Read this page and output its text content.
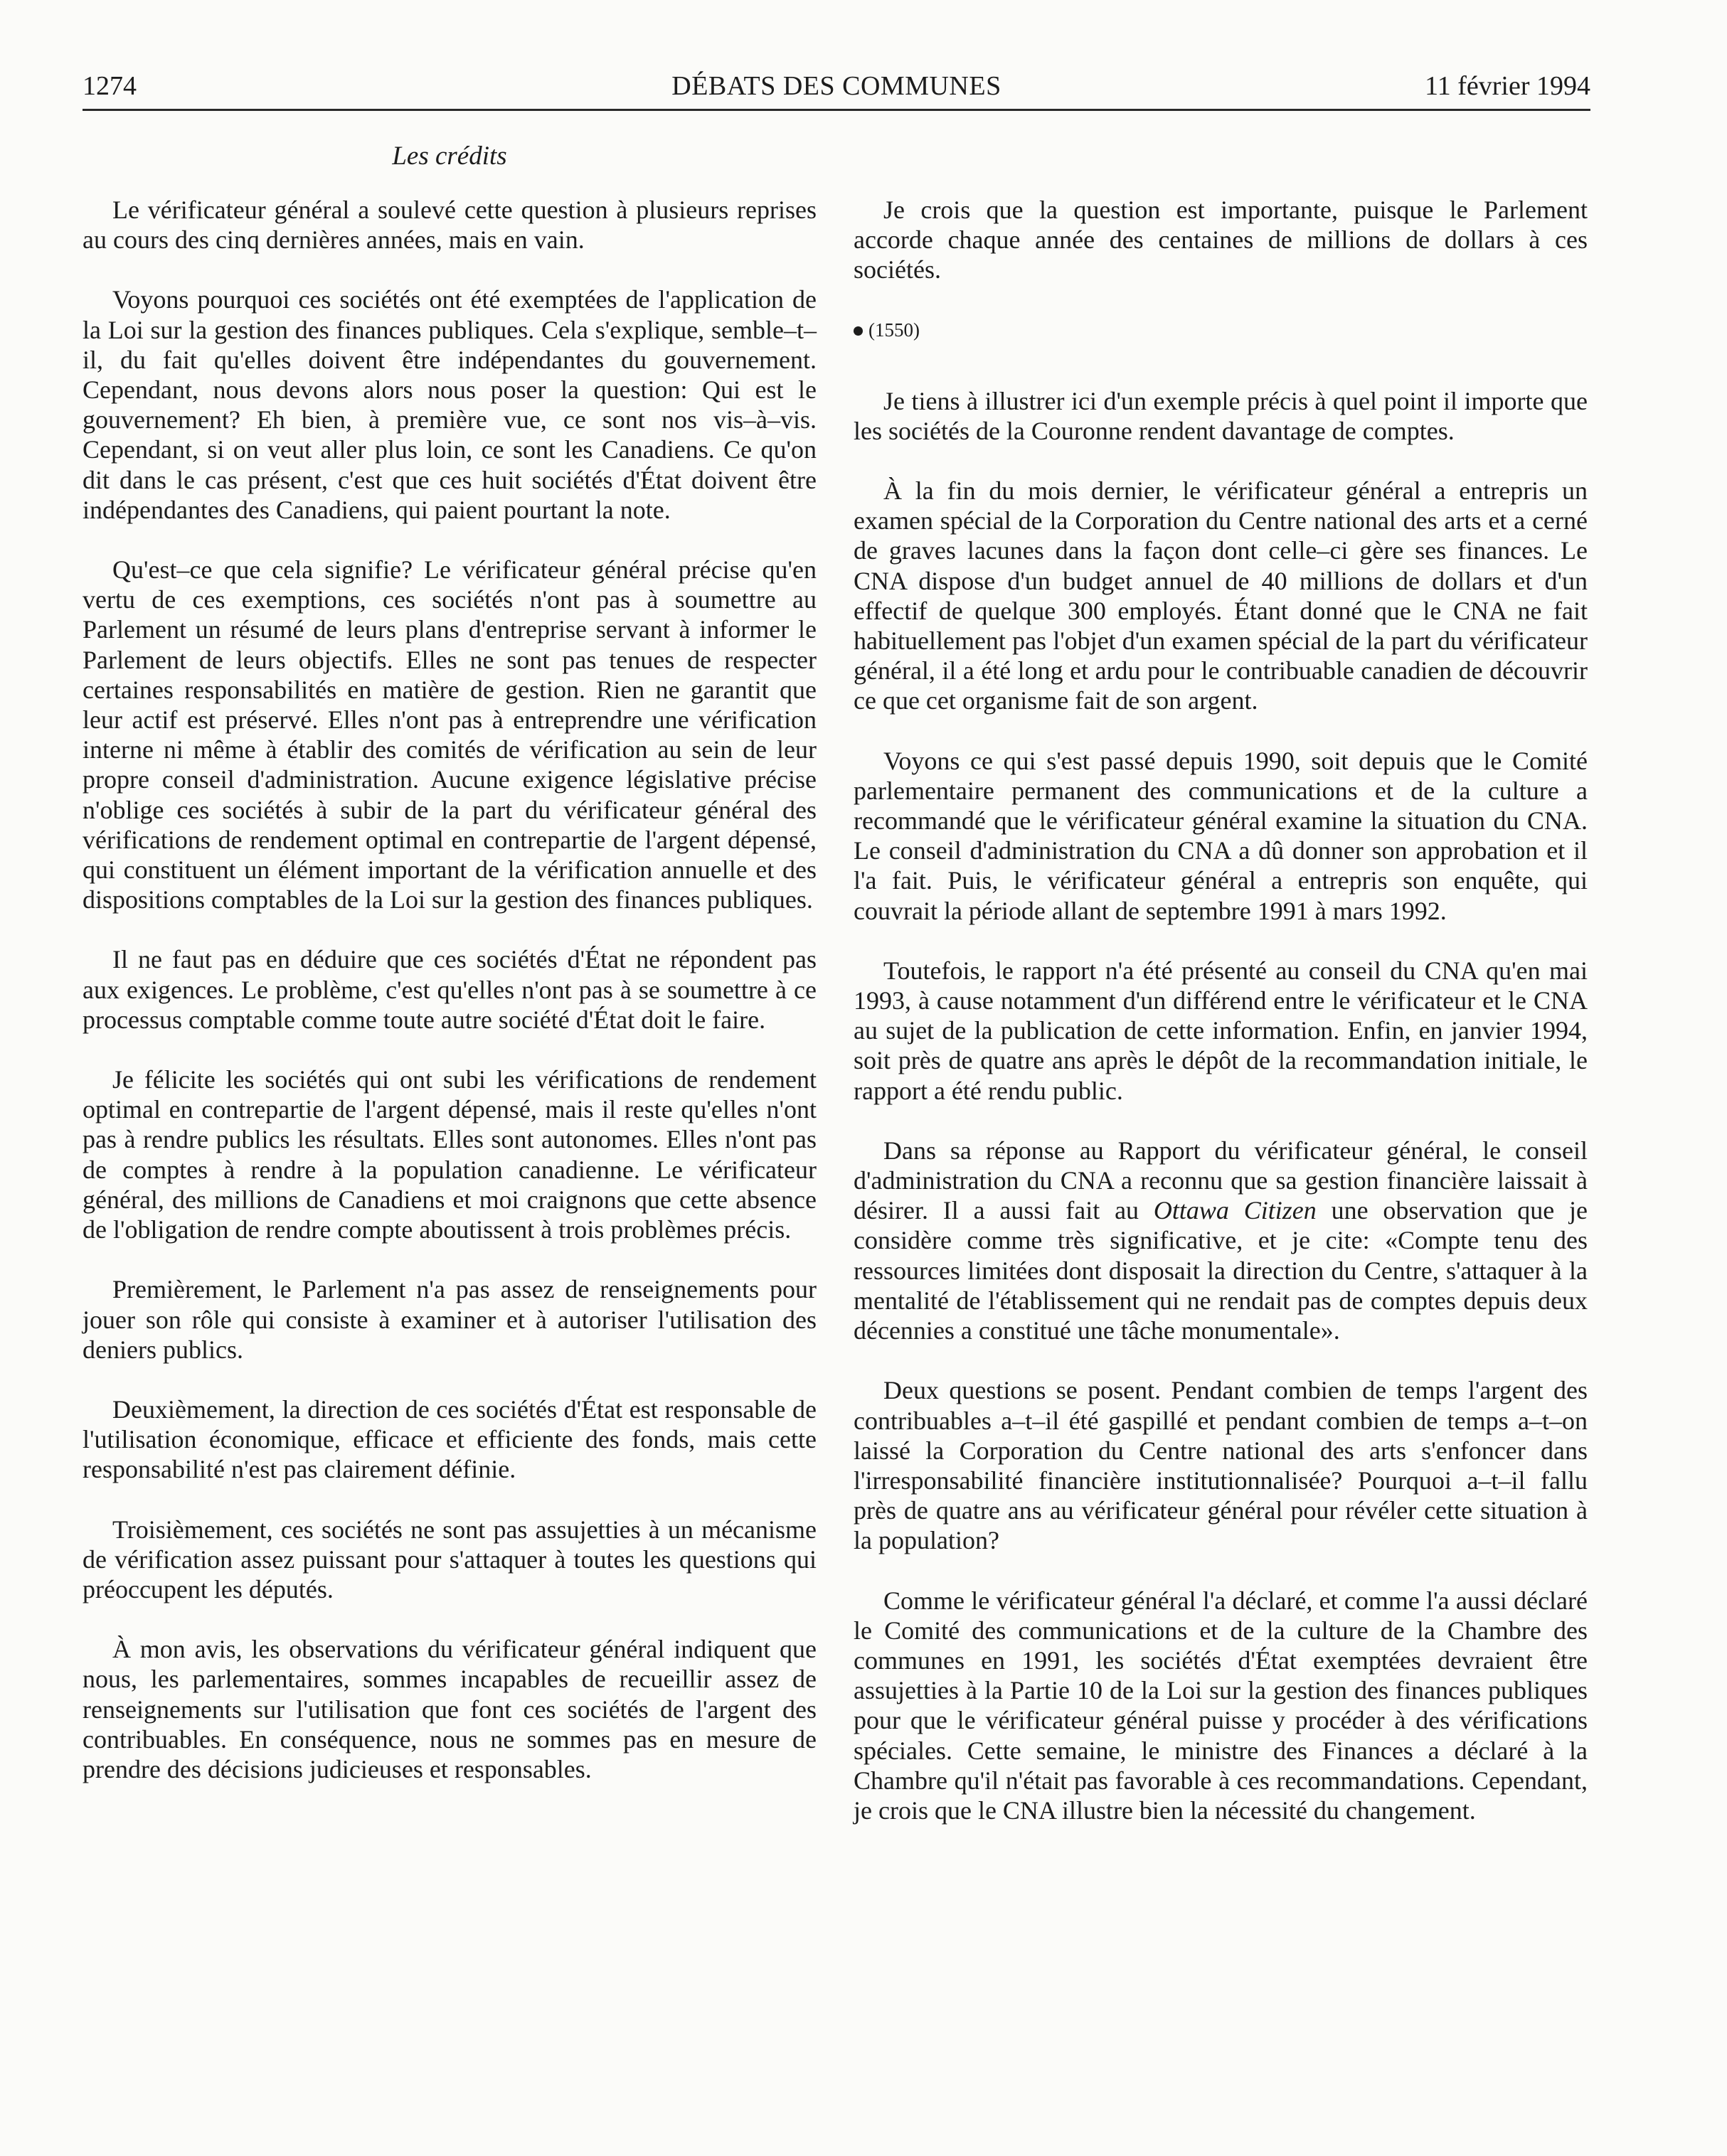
1274	DÉBATS DES COMMUNES	11 février 1994
Les crédits

Le vérificateur général a soulevé cette question à plusieurs reprises au cours des cinq dernières années, mais en vain.

Voyons pourquoi ces sociétés ont été exemptées de l'application de la Loi sur la gestion des finances publiques. Cela s'explique, semble–t–il, du fait qu'elles doivent être indépendantes du gouvernement. Cependant, nous devons alors nous poser la question: Qui est le gouvernement? Eh bien, à première vue, ce sont nos vis–à–vis. Cependant, si on veut aller plus loin, ce sont les Canadiens. Ce qu'on dit dans le cas présent, c'est que ces huit sociétés d'État doivent être indépendantes des Canadiens, qui paient pourtant la note.

Qu'est–ce que cela signifie? Le vérificateur général précise qu'en vertu de ces exemptions, ces sociétés n'ont pas à soumettre au Parlement un résumé de leurs plans d'entreprise servant à informer le Parlement de leurs objectifs. Elles ne sont pas tenues de respecter certaines responsabilités en matière de gestion. Rien ne garantit que leur actif est préservé. Elles n'ont pas à entreprendre une vérification interne ni même à établir des comités de vérification au sein de leur propre conseil d'administration. Aucune exigence législative précise n'oblige ces sociétés à subir de la part du vérificateur général des vérifications de rendement optimal en contrepartie de l'argent dépensé, qui constituent un élément important de la vérification annuelle et des dispositions comptables de la Loi sur la gestion des finances publiques.

Il ne faut pas en déduire que ces sociétés d'État ne répondent pas aux exigences. Le problème, c'est qu'elles n'ont pas à se soumettre à ce processus comptable comme toute autre société d'État doit le faire.

Je félicite les sociétés qui ont subi les vérifications de rendement optimal en contrepartie de l'argent dépensé, mais il reste qu'elles n'ont pas à rendre publics les résultats. Elles sont autonomes. Elles n'ont pas de comptes à rendre à la population canadienne. Le vérificateur général, des millions de Canadiens et moi craignons que cette absence de l'obligation de rendre compte aboutissent à trois problèmes précis.

Premièrement, le Parlement n'a pas assez de renseignements pour jouer son rôle qui consiste à examiner et à autoriser l'utilisation des deniers publics.

Deuxièmement, la direction de ces sociétés d'État est responsable de l'utilisation économique, efficace et efficiente des fonds, mais cette responsabilité n'est pas clairement définie.

Troisièmement, ces sociétés ne sont pas assujetties à un mécanisme de vérification assez puissant pour s'attaquer à toutes les questions qui préoccupent les députés.

À mon avis, les observations du vérificateur général indiquent que nous, les parlementaires, sommes incapables de recueillir assez de renseignements sur l'utilisation que font ces sociétés de l'argent des contribuables. En conséquence, nous ne sommes pas en mesure de prendre des décisions judicieuses et responsables.

Je crois que la question est importante, puisque le Parlement accorde chaque année des centaines de millions de dollars à ces sociétés.

(1550)

Je tiens à illustrer ici d'un exemple précis à quel point il importe que les sociétés de la Couronne rendent davantage de comptes.

À la fin du mois dernier, le vérificateur général a entrepris un examen spécial de la Corporation du Centre national des arts et a cerné de graves lacunes dans la façon dont celle–ci gère ses finances. Le CNA dispose d'un budget annuel de 40 millions de dollars et d'un effectif de quelque 300 employés. Étant donné que le CNA ne fait habituellement pas l'objet d'un examen spécial de la part du vérificateur général, il a été long et ardu pour le contribuable canadien de découvrir ce que cet organisme fait de son argent.

Voyons ce qui s'est passé depuis 1990, soit depuis que le Comité parlementaire permanent des communications et de la culture a recommandé que le vérificateur général examine la situation du CNA. Le conseil d'administration du CNA a dû donner son approbation et il l'a fait. Puis, le vérificateur général a entrepris son enquête, qui couvrait la période allant de septembre 1991 à mars 1992.

Toutefois, le rapport n'a été présenté au conseil du CNA qu'en mai 1993, à cause notamment d'un différend entre le vérificateur et le CNA au sujet de la publication de cette information. Enfin, en janvier 1994, soit près de quatre ans après le dépôt de la recommandation initiale, le rapport a été rendu public.

Dans sa réponse au Rapport du vérificateur général, le conseil d'administration du CNA a reconnu que sa gestion financière laissait à désirer. Il a aussi fait au Ottawa Citizen une observation que je considère comme très significative, et je cite: «Compte tenu des ressources limitées dont disposait la direction du Centre, s'attaquer à la mentalité de l'établissement qui ne rendait pas de comptes depuis deux décennies a constitué une tâche monumentale».

Deux questions se posent. Pendant combien de temps l'argent des contribuables a–t–il été gaspillé et pendant combien de temps a–t–on laissé la Corporation du Centre national des arts s'enfoncer dans l'irresponsabilité financière institutionnalisée? Pourquoi a–t–il fallu près de quatre ans au vérificateur général pour révéler cette situation à la population?

Comme le vérificateur général l'a déclaré, et comme l'a aussi déclaré le Comité des communications et de la culture de la Chambre des communes en 1991, les sociétés d'État exemptées devraient être assujetties à la Partie 10 de la Loi sur la gestion des finances publiques pour que le vérificateur général puisse y procéder à des vérifications spéciales. Cette semaine, le ministre des Finances a déclaré à la Chambre qu'il n'était pas favorable à ces recommandations. Cependant, je crois que le CNA illustre bien la nécessité du changement.
